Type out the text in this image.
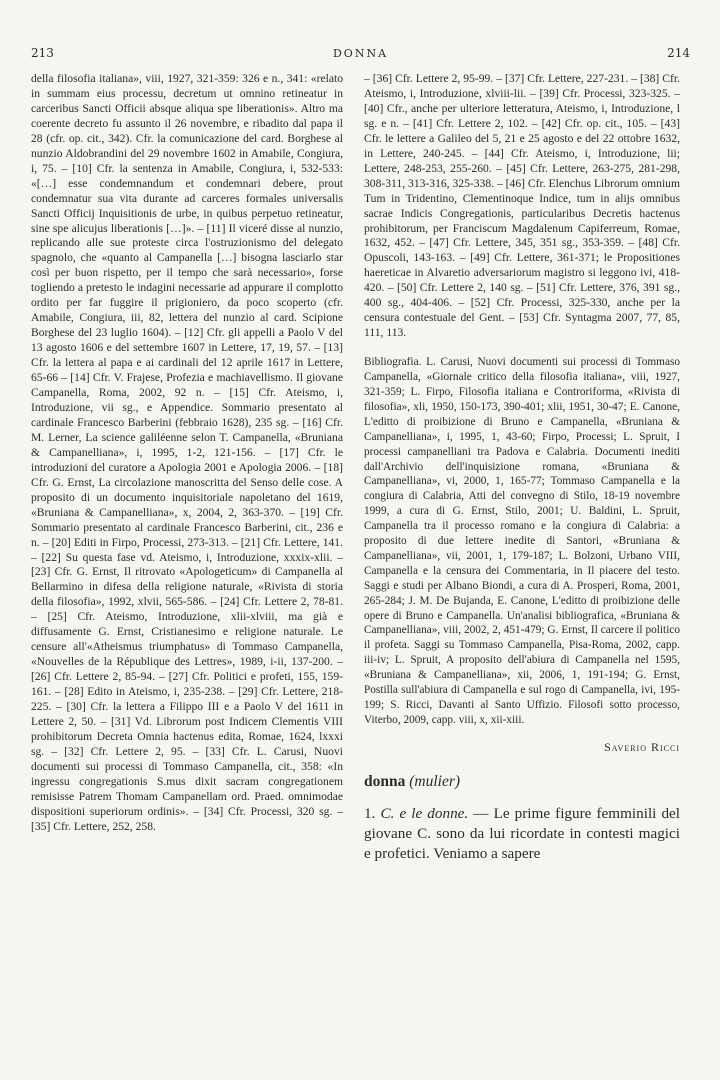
213	DONNA	214

della filosofia italiana», viii, 1927, 321-359: 326 e n., 341: «relato in summam eius processu, decretum ut omnino retineatur in carceribus Sancti Officii absque aliqua spe liberationis». Altro ma coerente decreto fu assunto il 26 novembre, e ribadito dal papa il 28 (cfr. op. cit., 342). Cfr. la comunicazione del card. Borghese al nunzio Aldobrandini del 29 novembre 1602 in Amabile, Congiura, i, 75. – [10] Cfr. la sentenza in Amabile, Congiura, i, 532-533: «[…] esse condemnandum et condemnari debere, prout condemnatur sua vita durante ad carceres formales universalis Sancti Officij Inquisitionis de urbe, in quibus perpetuo retineatur, sine spe alicujus liberationis […]». – [11] Il viceré disse al nunzio, replicando alle sue proteste circa l'ostruzionismo del delegato spagnolo, che «quanto al Campanella […] bisogna lasciarlo star così per buon rispetto, per il tempo che sarà necessario», forse togliendo a pretesto le indagini necessarie ad appurare il complotto ordito per far fuggire il prigioniero, da poco scoperto (cfr. Amabile, Congiura, iii, 82, lettera del nunzio al card. Scipione Borghese del 23 luglio 1604). – [12] Cfr. gli appelli a Paolo V del 13 agosto 1606 e del settembre 1607 in Lettere, 17, 19, 57. – [13] Cfr. la lettera al papa e ai cardinali del 12 aprile 1617 in Lettere, 65-66 – [14] Cfr. V. Frajese, Profezia e machiavellismo. Il giovane Campanella, Roma, 2002, 92 n. – [15] Cfr. Ateismo, i, Introduzione, vii sg., e Appendice. Sommario presentato al cardinale Francesco Barberini (febbraio 1628), 235 sg. – [16] Cfr. M. Lerner, La science galiléenne selon T. Campanella, «Bruniana & Campanelliana», i, 1995, 1-2, 121-156. – [17] Cfr. le introduzioni del curatore a Apologia 2001 e Apologia 2006. – [18] Cfr. G. Ernst, La circolazione manoscritta del Senso delle cose. A proposito di un documento inquisitoriale napoletano del 1619, «Bruniana & Campanelliana», x, 2004, 2, 363-370. – [19] Cfr. Sommario presentato al cardinale Francesco Barberini, cit., 236 e n. – [20] Editi in Firpo, Processi, 273-313. – [21] Cfr. Lettere, 141. – [22] Su questa fase vd. Ateismo, i, Introduzione, xxxix-xlii. – [23] Cfr. G. Ernst, Il ritrovato «Apologeticum» di Campanella al Bellarmino in difesa della religione naturale, «Rivista di storia della filosofia», 1992, xlvii, 565-586. – [24] Cfr. Lettere 2, 78-81. – [25] Cfr. Ateismo, Introduzione, xlii-xlviii, ma già e diffusamente G. Ernst, Cristianesimo e religione naturale. Le censure all'«Atheismus triumphatus» di Tommaso Campanella, «Nouvelles de la République des Lettres», 1989, i-ii, 137-200. – [26] Cfr. Lettere 2, 85-94. – [27] Cfr. Politici e profeti, 155, 159-161. – [28] Edito in Ateismo, i, 235-238. – [29] Cfr. Lettere, 218-225. – [30] Cfr. la lettera a Filippo III e a Paolo V del 1611 in Lettere 2, 50. – [31] Vd. Librorum post Indicem Clementis VIII prohibitorum Decreta Omnia hactenus edita, Romae, 1624, lxxxi sg. – [32] Cfr. Lettere 2, 95. – [33] Cfr. L. Carusi, Nuovi documenti sui processi di Tommaso Campanella, cit., 358: «In ingressu congregationis S.mus dixit sacram congregationem remisisse Patrem Thomam Campanellam ord. Praed. omnimodae dispositioni superiorum ordinis». – [34] Cfr. Processi, 320 sg. – [35] Cfr. Lettere, 252, 258.

– [36] Cfr. Lettere 2, 95-99. – [37] Cfr. Lettere, 227-231. – [38] Cfr. Ateismo, i, Introduzione, xlviii-lii. – [39] Cfr. Processi, 323-325. – [40] Cfr., anche per ulteriore letteratura, Ateismo, i, Introduzione, l sg. e n. – [41] Cfr. Lettere 2, 102. – [42] Cfr. op. cit., 105. – [43] Cfr. le lettere a Galileo del 5, 21 e 25 agosto e del 22 ottobre 1632, in Lettere, 240-245. – [44] Cfr. Ateismo, i, Introduzione, lii; Lettere, 248-253, 255-260. – [45] Cfr. Lettere, 263-275, 281-298, 308-311, 313-316, 325-338. – [46] Cfr. Elenchus Librorum omnium Tum in Tridentino, Clementinoque Indice, tum in alijs omnibus sacrae Indicis Congregationis, particularibus Decretis hactenus prohibitorum, per Franciscum Magdalenum Capiferreum, Romae, 1632, 452. – [47] Cfr. Lettere, 345, 351 sg., 353-359. – [48] Cfr. Opuscoli, 143-163. – [49] Cfr. Lettere, 361-371; le Propositiones haereticae in Alvaretio adversariorum magistro si leggono ivi, 418-420. – [50] Cfr. Lettere 2, 140 sg. – [51] Cfr. Lettere, 376, 391 sg., 400 sg., 404-406. – [52] Cfr. Processi, 325-330, anche per la censura contestuale del Gent. – [53] Cfr. Syntagma 2007, 77, 85, 111, 113.

Bibliografia. L. Carusi, Nuovi documenti sui processi di Tommaso Campanella, «Giornale critico della filosofia italiana», viii, 1927, 321-359; L. Firpo, Filosofia italiana e Controriforma, «Rivista di filosofia», xli, 1950, 150-173, 390-401; xlii, 1951, 30-47; E. Canone, L'editto di proibizione di Bruno e Campanella, «Bruniana & Campanelliana», i, 1995, 1, 43-60; Firpo, Processi; L. Spruit, I processi campanelliani tra Padova e Calabria. Documenti inediti dall'Archivio dell'inquisizione romana, «Bruniana & Campanelliana», vi, 2000, 1, 165-77; Tommaso Campanella e la congiura di Calabria, Atti del convegno di Stilo, 18-19 novembre 1999, a cura di G. Ernst, Stilo, 2001; U. Baldini, L. Spruit, Campanella tra il processo romano e la congiura di Calabria: a proposito di due lettere inedite di Santori, «Bruniana & Campanelliana», vii, 2001, 1, 179-187; L. Bolzoni, Urbano VIII, Campanella e la censura dei Commentaria, in Il piacere del testo. Saggi e studi per Albano Biondi, a cura di A. Prosperi, Roma, 2001, 265-284; J. M. De Bujanda, E. Canone, L'editto di proibizione delle opere di Bruno e Campanella. Un'analisi bibliografica, «Bruniana & Campanelliana», viii, 2002, 2, 451-479; G. Ernst, Il carcere il politico il profeta. Saggi su Tommaso Campanella, Pisa-Roma, 2002, capp. iii-iv; L. Spruit, A proposito dell'abiura di Campanella nel 1595, «Bruniana & Campanelliana», xii, 2006, 1, 191-194; G. Ernst, Postilla sull'abiura di Campanella e sul rogo di Campanella, ivi, 195-199; S. Ricci, Davanti al Santo Uffizio. Filosofi sotto processo, Viterbo, 2009, capp. viii, x, xii-xiii.

Saverio Ricci

donna (mulier)

1. C. e le donne. — Le prime figure femminili del giovane C. sono da lui ricordate in contesti magici e profetici. Veniamo a sapere
